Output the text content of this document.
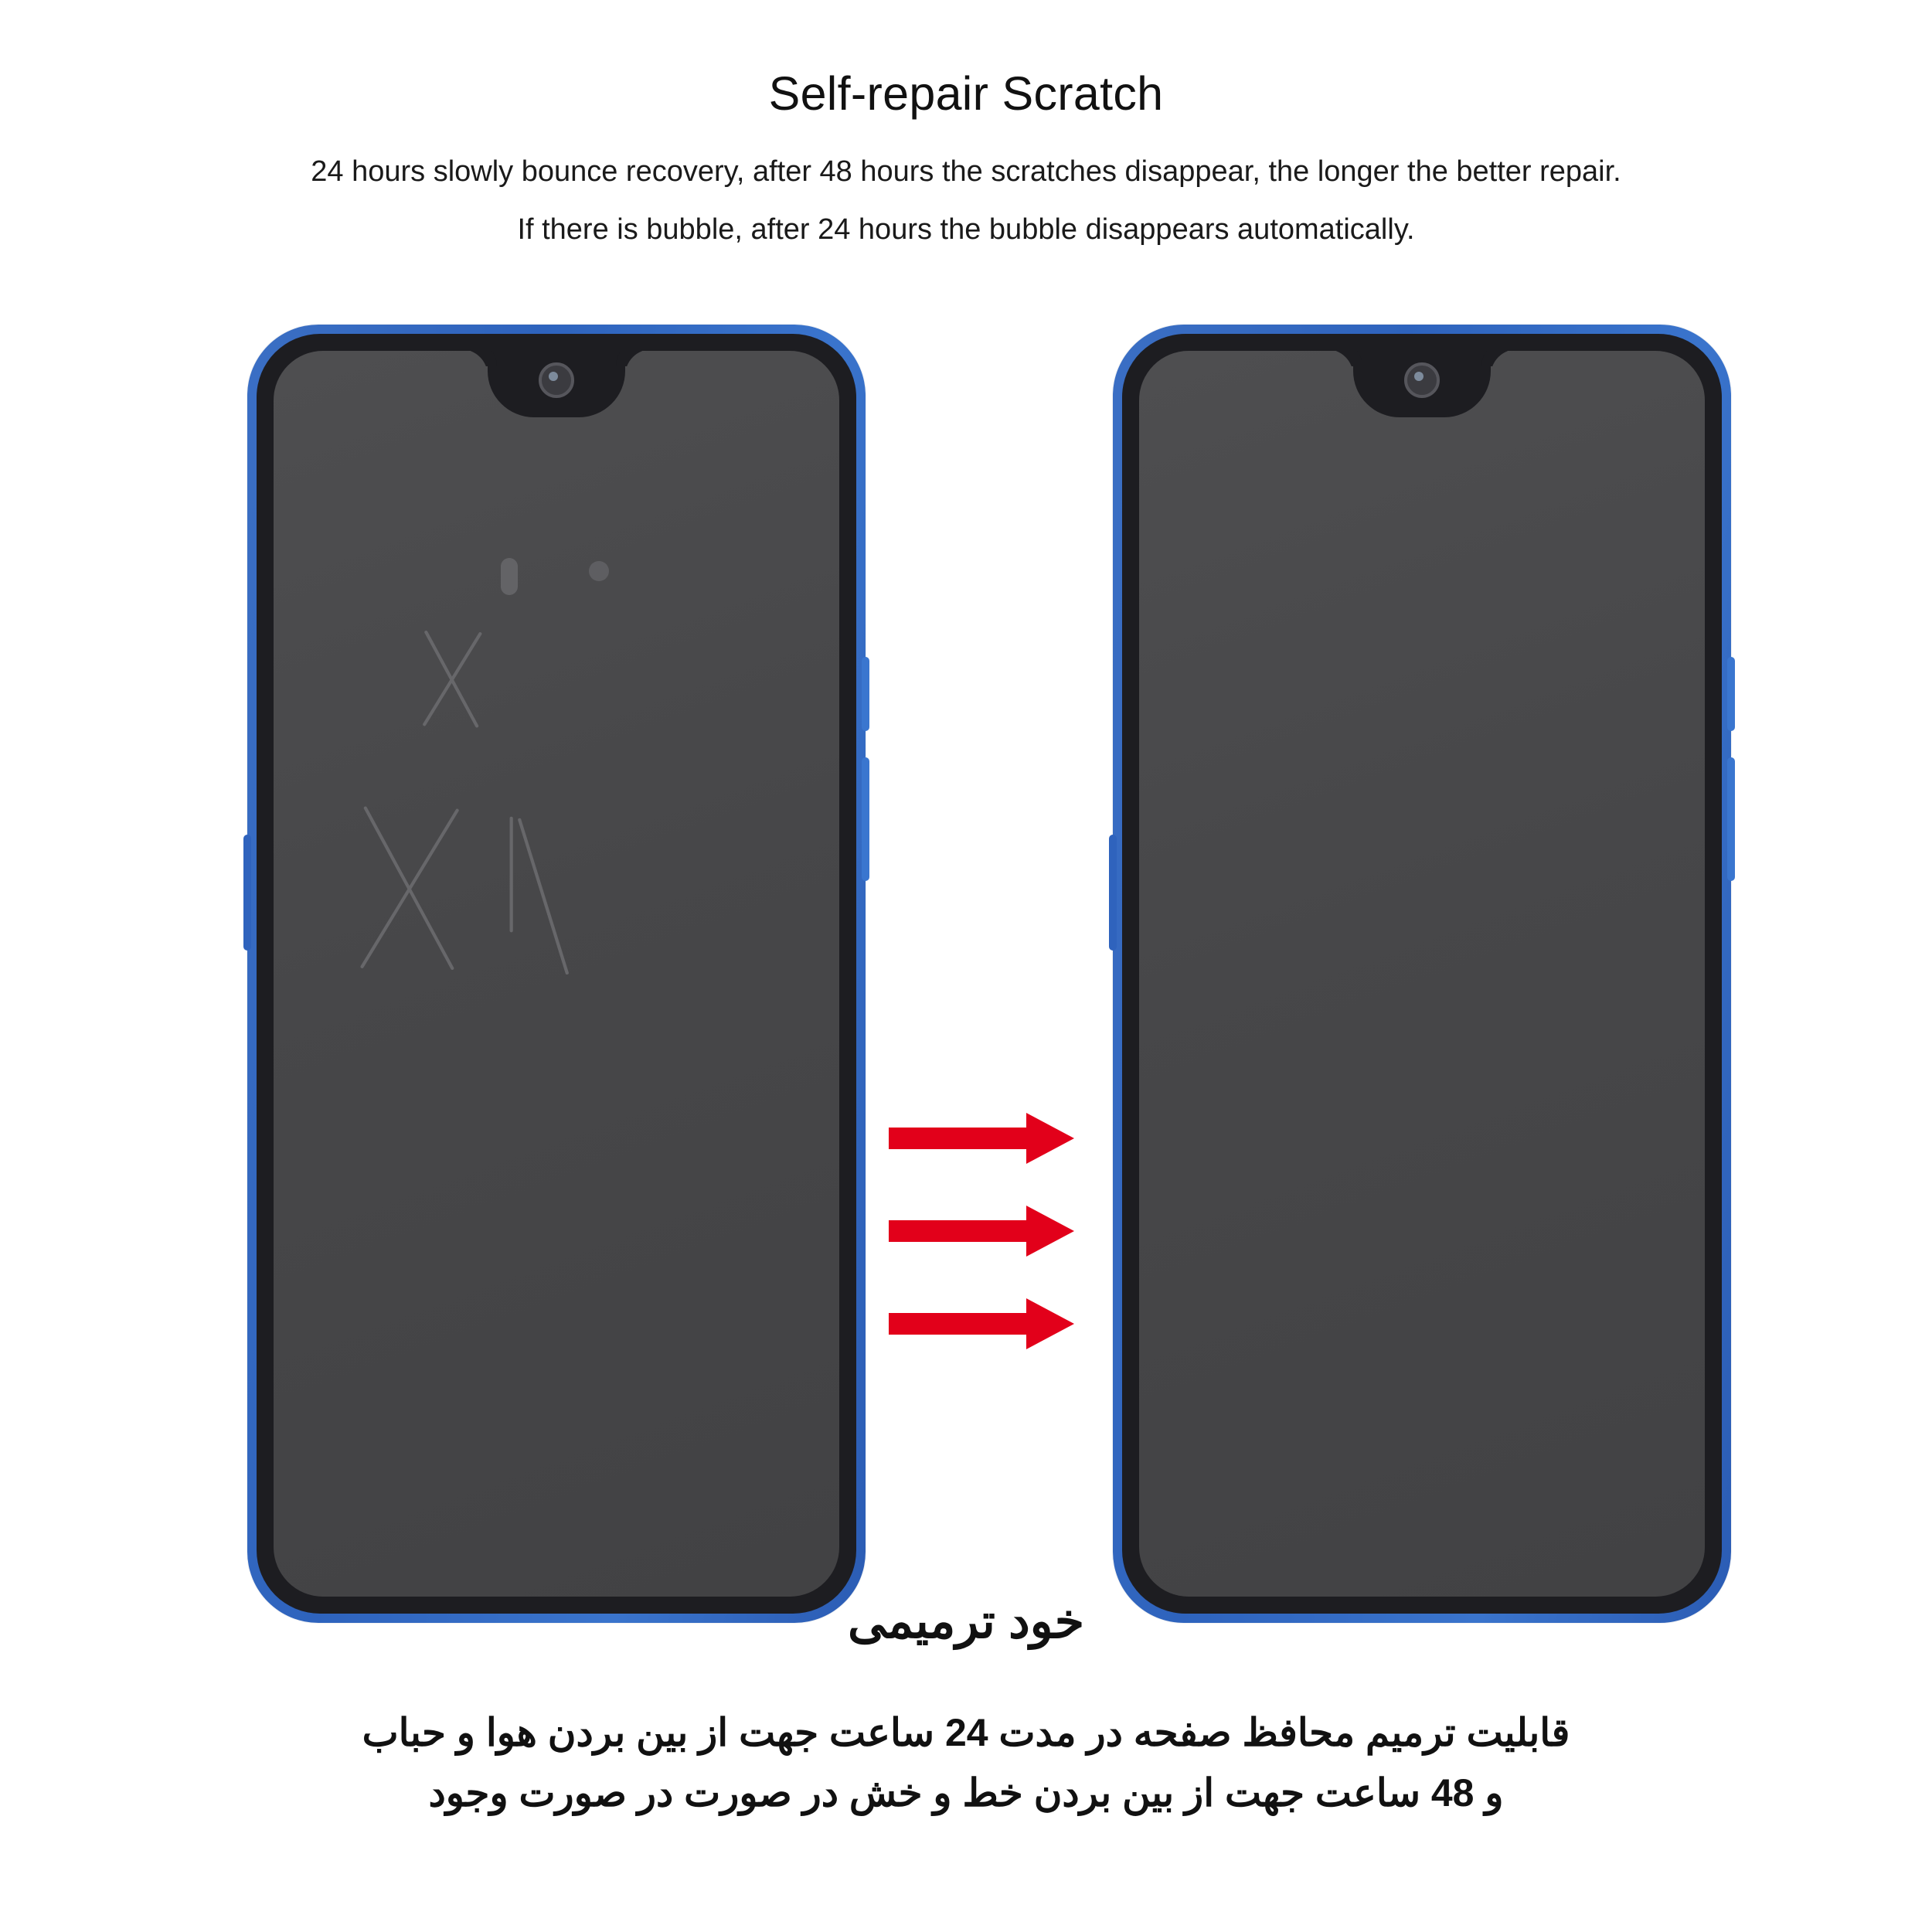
Self-repair Scratch
24 hours slowly bounce recovery, after 48 hours the scratches disappear, the longer the better repair.
If there is bubble, after 24 hours the bubble disappears automatically.
خود ترمیمی
قابلیت ترمیم محافظ صفحه در مدت 24 ساعت جهت از بین بردن هوا و حباب
و 48 ساعت جهت از بین بردن خط و خش در صورت در صورت وجود
